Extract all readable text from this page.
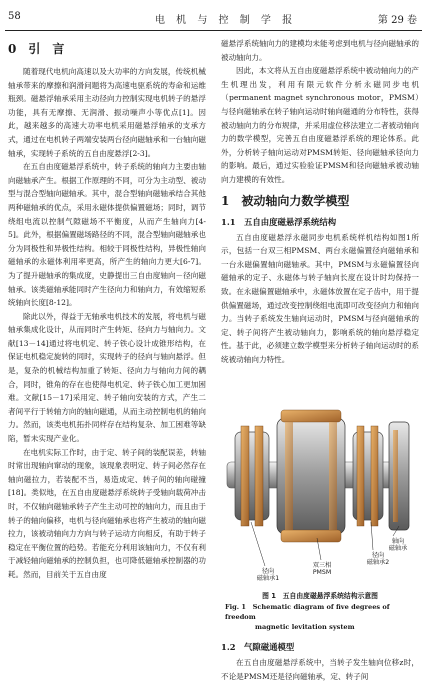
58	电 机 与 控 制 学 报	第 29 卷
0　引　言

随着现代电机向高速以及大功率的方向发展，传统机械轴承带来的摩擦和润滑问题将为高速电驱系统的寿命和运维瓶颈。磁悬浮轴承采用主动径向力控制实现电机转子的悬浮功能，具有无摩擦、无润滑、振动噪声小等优点[1]。因此，越来越多的高速大功率电机采用磁悬浮轴承的支承方式，通过在电机转子两端安装两台径向磁轴承和一台轴向磁轴承，实现转子系统的五自由度悬浮[2-3]。

在五自由度磁悬浮系统中，转子系统的轴向力主要由轴向磁轴承产生。根据工作原理的不同，可分为主动型、被动型与混合型轴向磁轴承。其中，混合型轴向磁轴承结合其他两种磁轴承的优点，采用永磁体提供偏置磁场；同时，调节绕组电流以控制气隙磁场不平衡度，从而产生轴向力[4-5]。此外，根据偏置磁场路径的不同，混合型轴向磁轴承也分为同极性和异极性结构。相较于同极性结构，异极性轴向磁轴承的永磁体利用率更高，所产生的轴向力更大[6-7]。为了提升磁轴承的集成度，史静提出三自由度轴向－径向磁轴承。该类磁轴承能同时产生径向力和轴向力，有效缩短系统轴向长度[8-12]。

除此以外，得益于无轴承电机技术的发展，将电机与磁轴承集成化设计，从而同时产生转矩、径向力与轴向力。文献[13－14]通过将电机定、转子铁心设计成锥形结构，在保证电机稳定旋转的同时，实现转子的径向与轴向悬浮。但是，复杂的机械结构加重了转矩、径向力与轴向力间的耦合，同时，锥角的存在也使得电机定、转子铁心加工更加困难。文献[15－17]采用定、转子轴向安装的方式，产生二者间平行于转轴方向的轴向磁通，从而主动控制电机的轴向力。然而，该类电机拓扑同样存在结构复杂、加工困难等缺陷，暂未实现产业化。

在电机实际工作时，由于定、转子间的装配误差，转轴时常出现轴向窜动的现象，该现象表明定、转子间必然存在轴向磁拉力，若装配不当，易造成定、转子间的轴向碰撞[18]。类似地，在五自由度磁悬浮系统转子受轴向载荷冲击时，不仅轴向磁轴承转子产生主动可控的轴向力，而且由于转子的轴向偏移，电机与径向磁轴承也将产生被动的轴向磁拉力，该被动轴向力方向与转子运动方向相反，有助于转子稳定在平衡位置的趋势。若能充分利用该轴向力，不仅有利于减轻轴向磁轴承的控制负担，也可降低磁轴承控制器的功耗。然而，目前关于五自由度

磁悬浮系统轴向力的建模均未能考虑到电机与径向磁轴承的被动轴向力。

因此，本文将从五自由度磁悬浮系统中被动轴向力的产生机理出发，利用有限元软件分析永磁同步电机（permanent magnet synchronous motor，PMSM）与径向磁轴承在转子轴向运动时轴向磁通的分布特性，获得被动轴向力的分布规律，并采用虚位移法建立二者被动轴向力的数学模型，完善五自由度磁悬浮系统的理论体系。此外，分析转子轴向运动对PMSM转矩、径向磁轴承径向力的影响。最后，通过实验验证PMSM和径向磁轴承被动轴向力建模的有效性。

1　被动轴向力数学模型
1.1　五自由度磁悬浮系统结构

五自由度磁悬浮永磁同步电机系统样机结构如图1所示，包括一台双三相PMSM、两台永磁偏置径向磁轴承和一台永磁偏置轴向磁轴承。其中，PMSM与永磁偏置径向磁轴承的定子、永磁体与转子轴向长度在设计时均保持一致。在永磁偏置磁轴承中，永磁体放置在定子齿中，用于提供偏置磁场，通过改变控制绕组电流即可改变径向力和轴向力。当转子系统发生轴向运动时，PMSM与径向磁轴承的定、转子间将产生被动轴向力，影响系统的轴向悬浮稳定性。基于此，必须建立数学模型来分析转子轴向运动时的系统被动轴向力特性。

轴向
磁轴承
径向
磁轴承2
双三相
PMSM
径向
磁轴承1
图 1　五自由度磁悬浮系统结构示意图
Fig. 1　Schematic diagram of five degrees of freedom
magnetic levitation system
1.2　气隙磁通模型

在五自由度磁悬浮系统中，当转子发生轴向位移z时，不论是PMSM还是径向磁轴承，定、转子间
